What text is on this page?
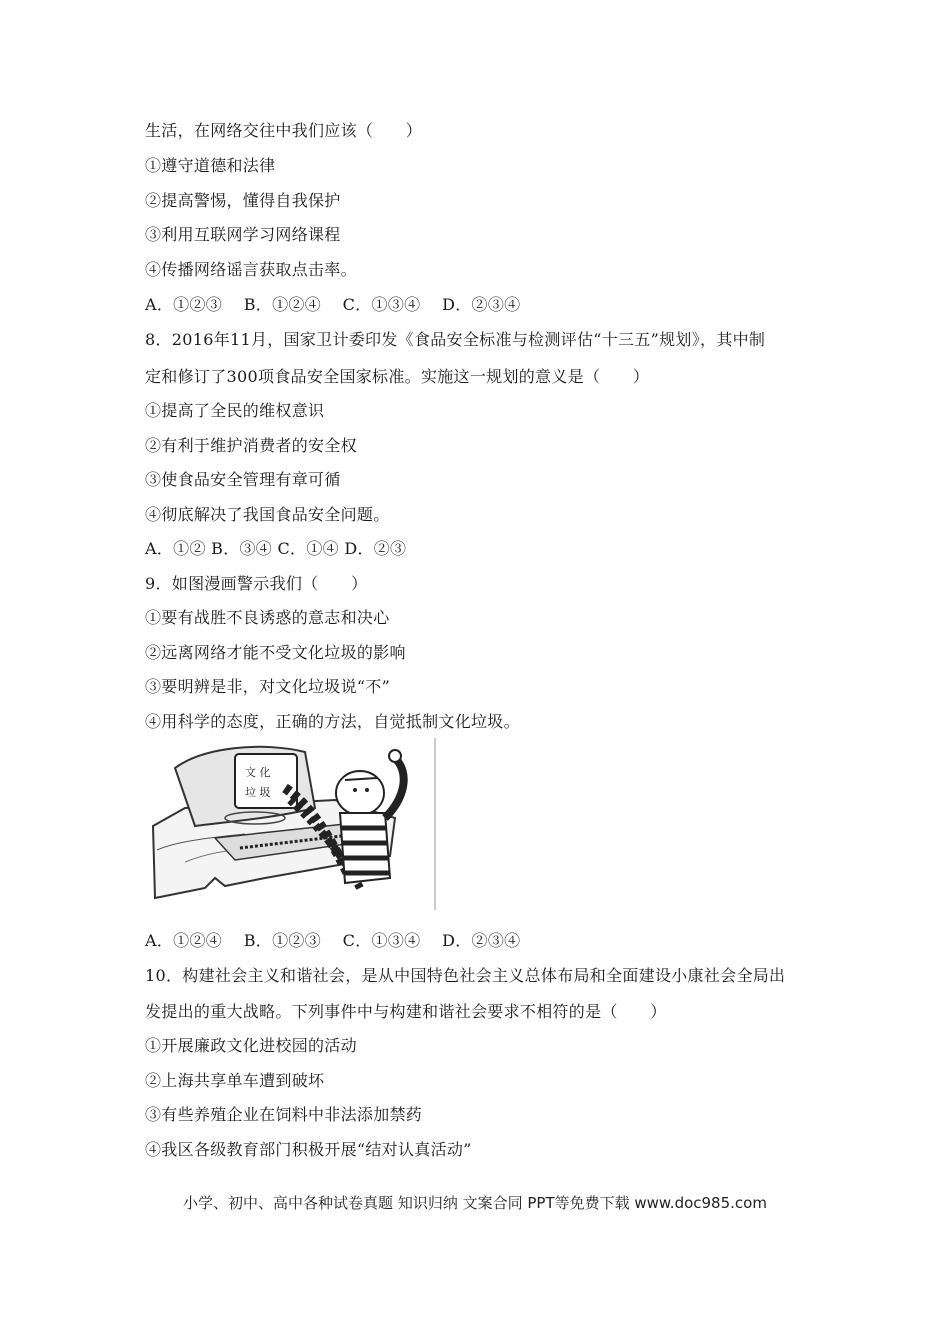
生活，在网络交往中我们应该（　　）
①遵守道德和法律
②提高警惕，懂得自我保护
③利用互联网学习网络课程
④传播网络谣言获取点击率。
A．①②③　 B．①②④　 C．①③④　 D．②③④
8．2016年11月，国家卫计委印发《食品安全标准与检测评估“十三五”规划》，其中制
定和修订了300项食品安全国家标准。实施这一规划的意义是（　　）
①提高了全民的维权意识
②有利于维护消费者的安全权
③使食品安全管理有章可循
④彻底解决了我国食品安全问题。
A．①② B．③④ C．①④ D．②③
9．如图漫画警示我们（　　）
①要有战胜不良诱惑的意志和决心
②远离网络才能不受文化垃圾的影响
③要明辨是非，对文化垃圾说“不”
④用科学的态度，正确的方法，自觉抵制文化垃圾。
文 化
垃 圾
A．①②④　 B．①②③　 C．①③④　 D．②③④
10．构建社会主义和谐社会，是从中国特色社会主义总体布局和全面建设小康社会全局出
发提出的重大战略。下列事件中与构建和谐社会要求不相符的是（　　）
①开展廉政文化进校园的活动
②上海共享单车遭到破坏
③有些养殖企业在饲料中非法添加禁药
④我区各级教育部门积极开展“结对认真活动”
小学、初中、高中各种试卷真题 知识归纳 文案合同 PPT等免费下载 www.doc985.com
